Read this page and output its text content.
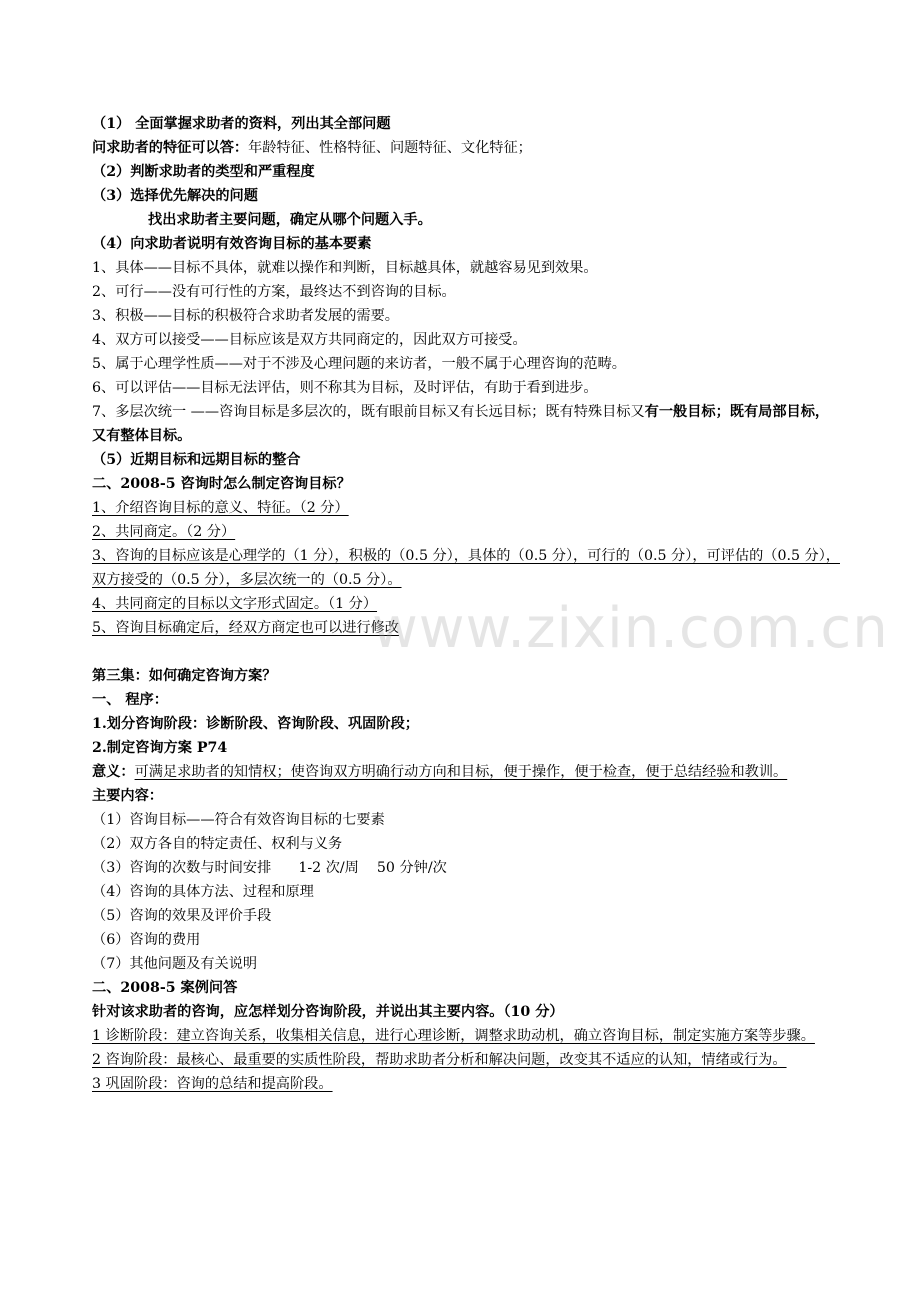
（1） 全面掌握求助者的资料，列出其全部问题
问求助者的特征可以答：年龄特征、性格特征、问题特征、文化特征；
（2）判断求助者的类型和严重程度
（3）选择优先解决的问题
找出求助者主要问题，确定从哪个问题入手。
（4）向求助者说明有效咨询目标的基本要素
1、具体——目标不具体，就难以操作和判断，目标越具体，就越容易见到效果。
2、可行——没有可行性的方案，最终达不到咨询的目标。
3、积极——目标的积极符合求助者发展的需要。
4、双方可以接受——目标应该是双方共同商定的，因此双方可接受。
5、属于心理学性质——对于不涉及心理问题的来访者，一般不属于心理咨询的范畴。
6、可以评估——目标无法评估，则不称其为目标，及时评估，有助于看到进步。
7、多层次统一 ——咨询目标是多层次的，既有眼前目标又有长远目标；既有特殊目标又有一般目标；既有局部目标，又有整体目标。
（5）近期目标和远期目标的整合
二、2008-5 咨询时怎么制定咨询目标？
1、介绍咨询目标的意义、特征。（2 分）
2、共同商定。（2 分）
3、咨询的目标应该是心理学的（1 分），积极的（0.5 分），具体的（0.5 分），可行的（0.5 分），可评估的（0.5 分），双方接受的（0.5 分），多层次统一的（0.5 分）。
4、共同商定的目标以文字形式固定。（1 分）
5、咨询目标确定后，经双方商定也可以进行修改
第三集：如何确定咨询方案？
一、 程序：
1.划分咨询阶段：诊断阶段、咨询阶段、巩固阶段；
2.制定咨询方案 P74
意义：可满足求助者的知情权；使咨询双方明确行动方向和目标，便于操作，便于检查，便于总结经验和教训。
主要内容：
（1）咨询目标——符合有效咨询目标的七要素
（2）双方各自的特定责任、权利与义务
（3）咨询的次数与时间安排      1-2 次/周    50 分钟/次
（4）咨询的具体方法、过程和原理
（5）咨询的效果及评价手段
（6）咨询的费用
（7）其他问题及有关说明
二、2008-5 案例问答
针对该求助者的咨询，应怎样划分咨询阶段，并说出其主要内容。（10 分）
1 诊断阶段：建立咨询关系，收集相关信息，进行心理诊断，调整求助动机，确立咨询目标，制定实施方案等步骤。
2 咨询阶段：最核心、最重要的实质性阶段，帮助求助者分析和解决问题，改变其不适应的认知，情绪或行为。
3 巩固阶段：咨询的总结和提高阶段。
www.zixin.com.cn
